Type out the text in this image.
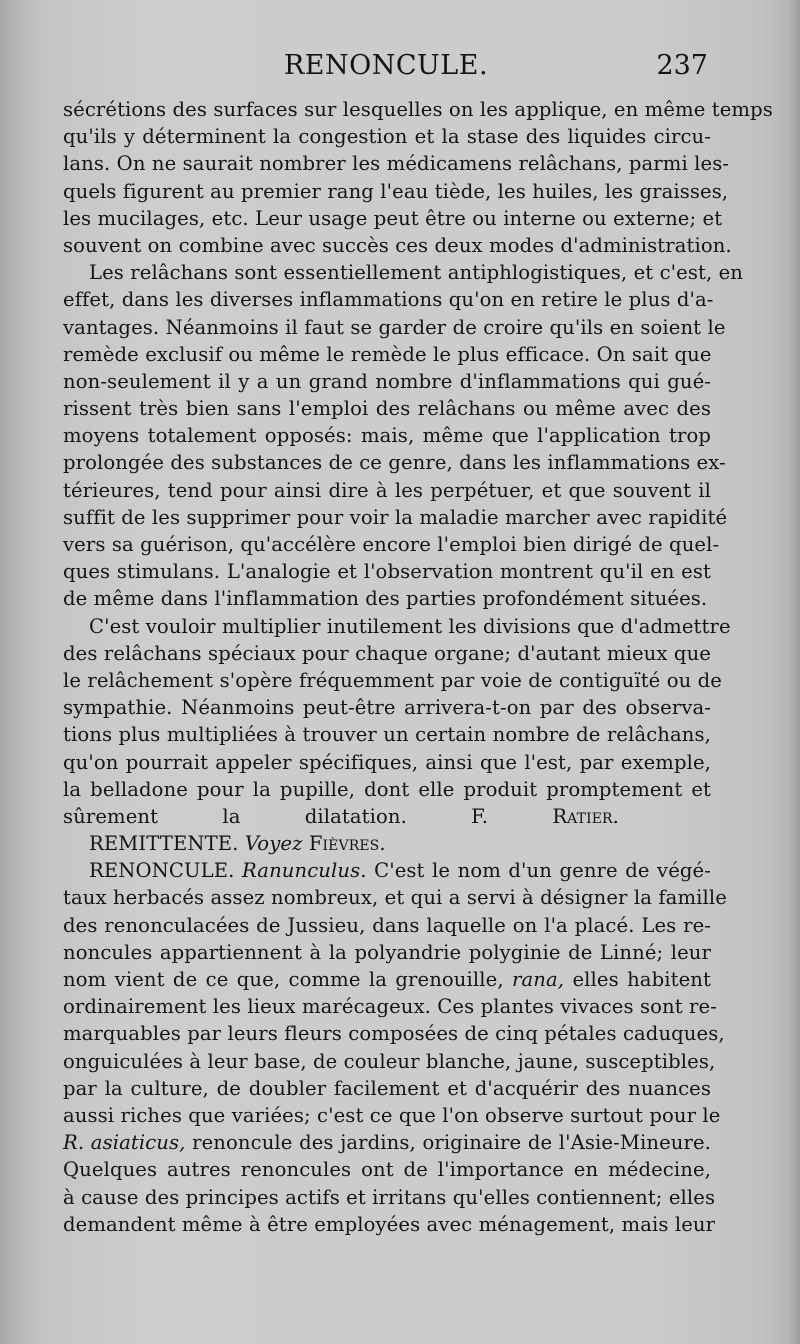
RENONCULE.	237
sécrétions des surfaces sur lesquelles on les applique, en même temps
qu'ils y déterminent la congestion et la stase des liquides circu-
lans. On ne saurait nombrer les médicamens relâchans, parmi les-
quels figurent au premier rang l'eau tiède, les huiles, les graisses,
les mucilages, etc. Leur usage peut être ou interne ou externe; et
souvent on combine avec succès ces deux modes d'administration.
Les relâchans sont essentiellement antiphlogistiques, et c'est, en
effet, dans les diverses inflammations qu'on en retire le plus d'a-
vantages. Néanmoins il faut se garder de croire qu'ils en soient le
remède exclusif ou même le remède le plus efficace. On sait que
non-seulement il y a un grand nombre d'inflammations qui gué-
rissent très bien sans l'emploi des relâchans ou même avec des
moyens totalement opposés: mais, même que l'application trop
prolongée des substances de ce genre, dans les inflammations ex-
térieures, tend pour ainsi dire à les perpétuer, et que souvent il
suffit de les supprimer pour voir la maladie marcher avec rapidité
vers sa guérison, qu'accélère encore l'emploi bien dirigé de quel-
ques stimulans. L'analogie et l'observation montrent qu'il en est
de même dans l'inflammation des parties profondément situées.
C'est vouloir multiplier inutilement les divisions que d'admettre
des relâchans spéciaux pour chaque organe; d'autant mieux que
le relâchement s'opère fréquemment par voie de contiguïté ou de
sympathie. Néanmoins peut-être arrivera-t-on par des observa-
tions plus multipliées à trouver un certain nombre de relâchans,
qu'on pourrait appeler spécifiques, ainsi que l'est, par exemple,
la belladone pour la pupille, dont elle produit promptement et
sûrement la dilatation.	F. Ratier.
REMITTENTE. Voyez Fièvres.
RENONCULE. Ranunculus. C'est le nom d'un genre de végé-
taux herbacés assez nombreux, et qui a servi à désigner la famille
des renonculacées de Jussieu, dans laquelle on l'a placé. Les re-
noncules appartiennent à la polyandrie polyginie de Linné; leur
nom vient de ce que, comme la grenouille, rana, elles habitent
ordinairement les lieux marécageux. Ces plantes vivaces sont re-
marquables par leurs fleurs composées de cinq pétales caduques,
onguiculées à leur base, de couleur blanche, jaune, susceptibles,
par la culture, de doubler facilement et d'acquérir des nuances
aussi riches que variées; c'est ce que l'on observe surtout pour le
R. asiaticus, renoncule des jardins, originaire de l'Asie-Mineure.
Quelques autres renoncules ont de l'importance en médecine,
à cause des principes actifs et irritans qu'elles contiennent; elles
demandent même à être employées avec ménagement, mais leur
